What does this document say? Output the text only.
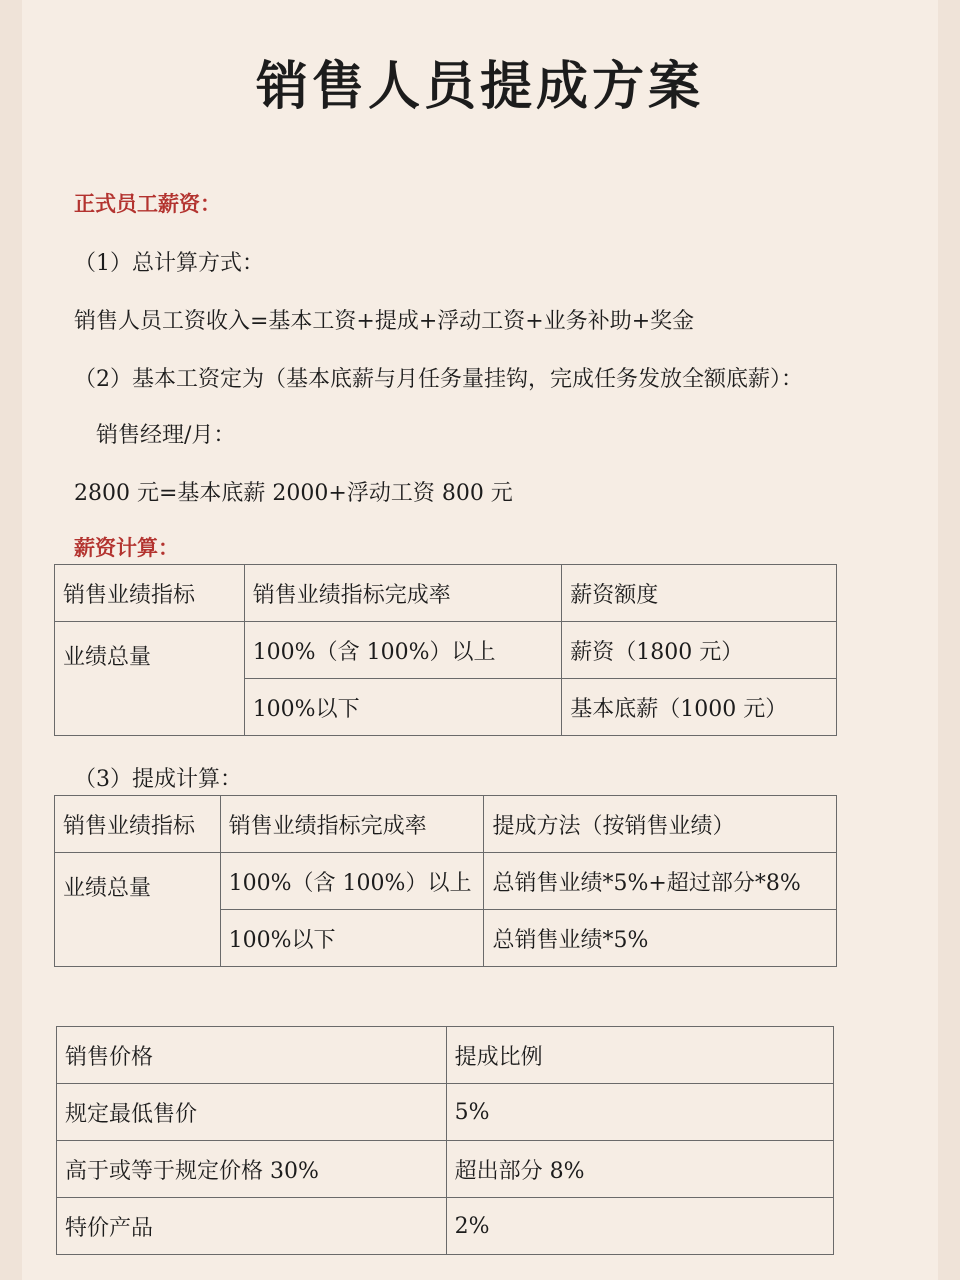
销售人员提成方案
正式员工薪资：
（1）总计算方式：
销售人员工资收入=基本工资+提成+浮动工资+业务补助+奖金
（2）基本工资定为（基本底薪与月任务量挂钩，完成任务发放全额底薪）：
销售经理/月：
2800 元=基本底薪 2000+浮动工资 800 元
薪资计算：
销售业绩指标	销售业绩指标完成率	薪资额度
业绩总量	100%（含 100%）以上	薪资（1800 元）
	100%以下	基本底薪（1000 元）
（3）提成计算：
销售业绩指标	销售业绩指标完成率	提成方法（按销售业绩）
业绩总量	100%（含 100%）以上	总销售业绩*5%+超过部分*8%
	100%以下	总销售业绩*5%
销售价格	提成比例
规定最低售价	5%
高于或等于规定价格 30%	超出部分 8%
特价产品	2%
